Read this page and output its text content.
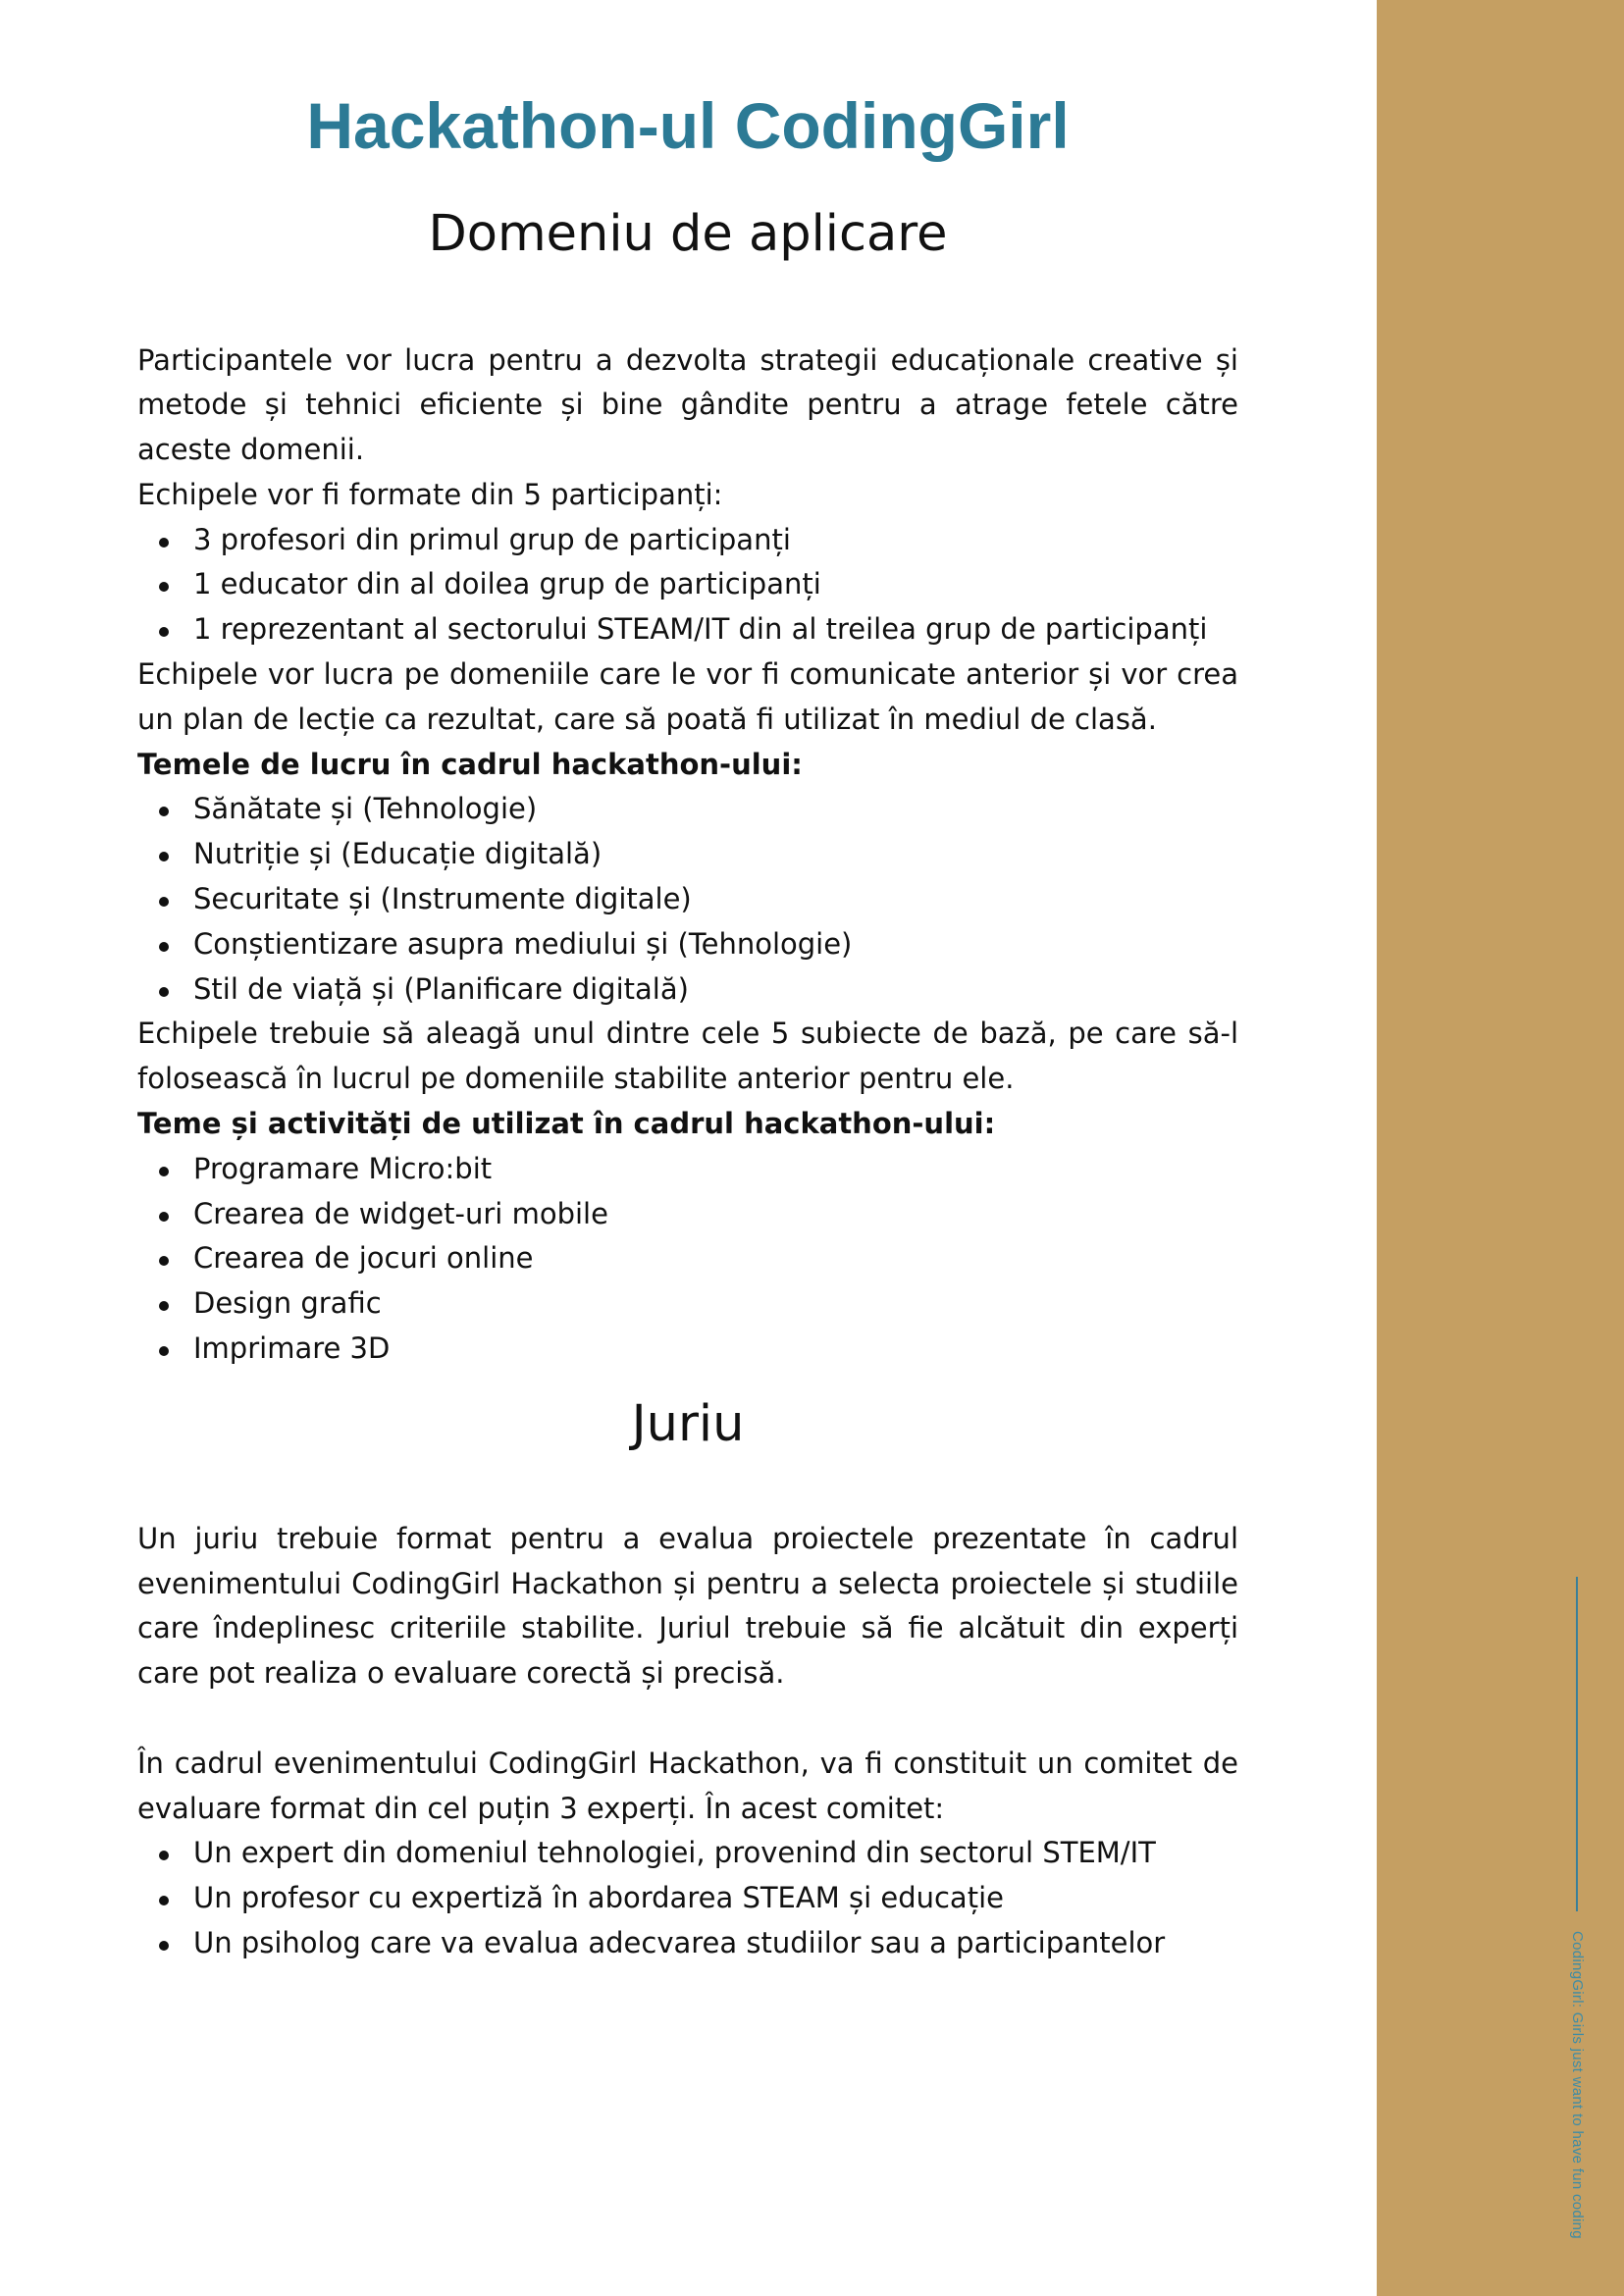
CodingGirl: Girls just want to have fun coding
Hackathon-ul CodingGirl
Domeniu de aplicare

Participantele vor lucra pentru a dezvolta strategii educaționale creative și metode și tehnici eficiente și bine gândite pentru a atrage fetele către aceste domenii.

Echipele vor fi formate din 5 participanți:

3 profesori din primul grup de participanți
1 educator din al doilea grup de participanți
1 reprezentant al sectorului STEAM/IT din al treilea grup de participanți

Echipele vor lucra pe domeniile care le vor fi comunicate anterior și vor crea un plan de lecție ca rezultat, care să poată fi utilizat în mediul de clasă.

Temele de lucru în cadrul hackathon-ului:

Sănătate și (Tehnologie)
Nutriție și (Educație digitală)
Securitate și (Instrumente digitale)
Conștientizare asupra mediului și (Tehnologie)
Stil de viață și (Planificare digitală)

Echipele trebuie să aleagă unul dintre cele 5 subiecte de bază, pe care să-l folosească în lucrul pe domeniile stabilite anterior pentru ele.

Teme și activități de utilizat în cadrul hackathon-ului:

Programare Micro:bit
Crearea de widget-uri mobile
Crearea de jocuri online
Design grafic
Imprimare 3D
Juriu

Un juriu trebuie format pentru a evalua proiectele prezentate în cadrul evenimentului CodingGirl Hackathon și pentru a selecta proiectele și studiile care îndeplinesc criteriile stabilite. Juriul trebuie să fie alcătuit din experți care pot realiza o evaluare corectă și precisă.

În cadrul evenimentului CodingGirl Hackathon, va fi constituit un comitet de evaluare format din cel puțin 3 experți. În acest comitet:

Un expert din domeniul tehnologiei, provenind din sectorul STEM/IT
Un profesor cu expertiză în abordarea STEAM și educație
Un psiholog care va evalua adecvarea studiilor sau a participantelor
